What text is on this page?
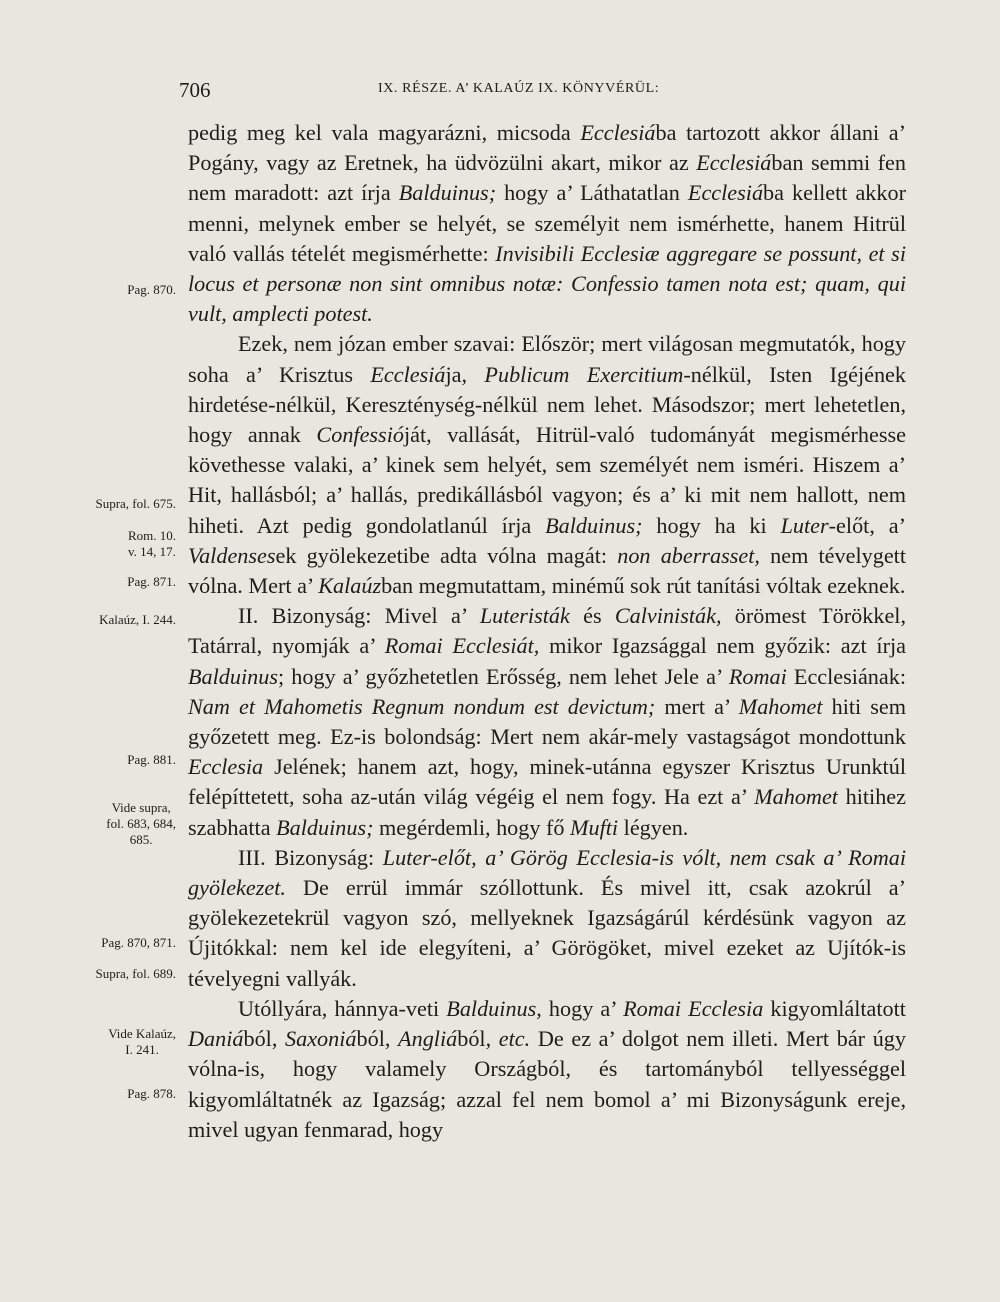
706	IX. RÉSZE. A’ KALAÚZ IX. KÖNYVÉRÜL:
Pag. 870.
Supra, fol. 675.
Rom. 10.
v. 14, 17.
Pag. 871.
Kalaúz, I. 244.
Pag. 881.
Vide supra,
fol. 683, 684,
685.
Pag. 870, 871.
Supra, fol. 689.
Vide Kalaúz,
I. 241.
Pag. 878.

pedig meg kel vala magyarázni, micsoda Ecclesiába tartozott akkor állani a’ Pogány, vagy az Eretnek, ha üdvözülni akart, mikor az Ecclesiában semmi fen nem maradott: azt írja Balduinus; hogy a’ Láthatatlan Ecclesiába kellett akkor menni, melynek ember se helyét, se személyit nem ismérhette, hanem Hitrül való vallás tételét megismérhette: Invisibili Ecclesiæ aggregare se possunt, et si locus et personæ non sint omnibus notæ: Confessio tamen nota est; quam, qui vult, amplecti potest.

Ezek, nem józan ember szavai: Először; mert világosan megmutatók, hogy soha a’ Krisztus Ecclesiája, Publicum Exercitium-nélkül, Isten Igéjének hirdetése-nélkül, Kereszténység-nélkül nem lehet. Másodszor; mert lehetetlen, hogy annak Confessióját, vallását, Hitrül-való tudományát megismérhesse követhesse valaki, a’ kinek sem helyét, sem személyét nem isméri. Hiszem a’ Hit, hallásból; a’ hallás, predikállásból vagyon; és a’ ki mit nem hallott, nem hiheti. Azt pedig gondolatlanúl írja Balduinus; hogy ha ki Luter-előt, a’ Valdensesek gyölekezetibe adta vólna magát: non aberrasset, nem tévelygett vólna. Mert a’ Kalaúzban megmutattam, minémű sok rút tanítási vóltak ezeknek.

II. Bizonyság: Mivel a’ Luteristák és Calvinisták, örömest Törökkel, Tatárral, nyomják a’ Romai Ecclesiát, mikor Igazsággal nem győzik: azt írja Balduinus; hogy a’ győzhetetlen Erősség, nem lehet Jele a’ Romai Ecclesiának: Nam et Mahometis Regnum nondum est devictum; mert a’ Mahomet hiti sem győzetett meg. Ez-is bolondság: Mert nem akár-mely vastagságot mondottunk Ecclesia Jelének; hanem azt, hogy, minek-utánna egyszer Krisztus Urunktúl felépíttetett, soha az-után világ végéig el nem fogy. Ha ezt a’ Mahomet hitihez szabhatta Balduinus; megérdemli, hogy fő Mufti légyen.

III. Bizonyság: Luter-előt, a’ Görög Ecclesia-is vólt, nem csak a’ Romai gyölekezet. De errül immár szóllottunk. És mivel itt, csak azokrúl a’ gyölekezetekrül vagyon szó, mellyeknek Igazságárúl kérdésünk vagyon az Újitókkal: nem kel ide elegyíteni, a’ Görögöket, mivel ezeket az Ujítók-is tévelyegni vallyák.

Utóllyára, hánnya-veti Balduinus, hogy a’ Romai Ecclesia kigyomláltatott Daniából, Saxoniából, Angliából, etc. De ez a’ dolgot nem illeti. Mert bár úgy vólna-is, hogy valamely Országból, és tartományból tellyességgel kigyomláltatnék az Igazság; azzal fel nem bomol a’ mi Bizonyságunk ereje, mivel ugyan fenmarad, hogy
